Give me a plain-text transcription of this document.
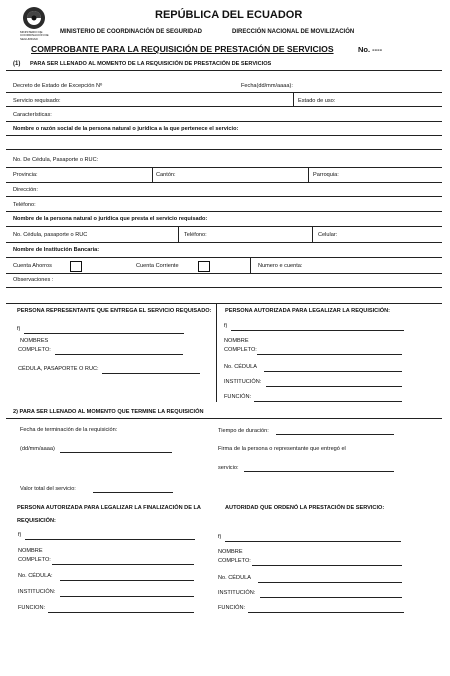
MINISTERIO DE COORDINACIÓN DE SEGURIDAD
REPÚBLICA DEL ECUADOR
MINISTERIO DE COORDINACIÓN DE SEGURIDAD	DIRECCIÓN NACIONAL DE MOVILIZACIÓN
COMPROBANTE PARA LA REQUISICIÓN DE PRESTACIÓN DE SERVICIOS	No. ----
(1) PARA SER LLENADO AL MOMENTO DE LA REQUISICIÓN DE PRESTACIÓN DE SERVICIOS
Decreto de Estado de Excepción Nº	Fecha(dd/mm/aaaa):
Servicio requisado:	Estado de uso:
Características:
Nombre o razón social de la persona natural o jurídica a la que pertenece el servicio:
No. De Cédula, Pasaporte o RUC:
Provincia:	Cantón:	Parroquia:
Dirección:
Teléfono:
Nombre de la persona natural o jurídica que presta el servicio requisado:
No. Cédula, pasaporte o RUC	Teléfono:	Celular:
Nombre de Institución Bancaria:
Cuenta Ahorros	Cuenta Corriente	Numero e cuenta:
Observaciones :
PERSONA REPRESENTANTE QUE ENTREGA EL SERVICIO REQUISADO: PERSONA AUTORIZADA PARA LEGALIZAR LA REQUISICIÓN:
f)
NOMBRES
COMPLETO:
CÉDULA, PASAPORTE O RUC:
f)
NOMBRE
COMPLETO:
No. CÉDULA
INSTITUCIÓN:
FUNCIÓN:
2) PARA SER LLENADO AL MOMENTO QUE TERMINE LA REQUISICIÓN
Fecha de terminación de la requisición:	Tiempo de duración:
(dd/mm/aaaa)	Firma de la persona o representante que entregó el
servicio:
Valor total del servicio:
PERSONA AUTORIZADA PARA LEGALIZAR LA FINALIZACIÓN DE LA
REQUISICIÓN:
AUTORIDAD QUE ORDENÓ LA PRESTACIÓN DE SERVICIO:
f)
NOMBRE
COMPLETO:
No. CÉDULA:
INSTITUCIÓN:
FUNCION:
f)
NOMBRE
COMPLETO:
No. CÉDULA
INSTITUCIÓN:
FUNCIÓN:
